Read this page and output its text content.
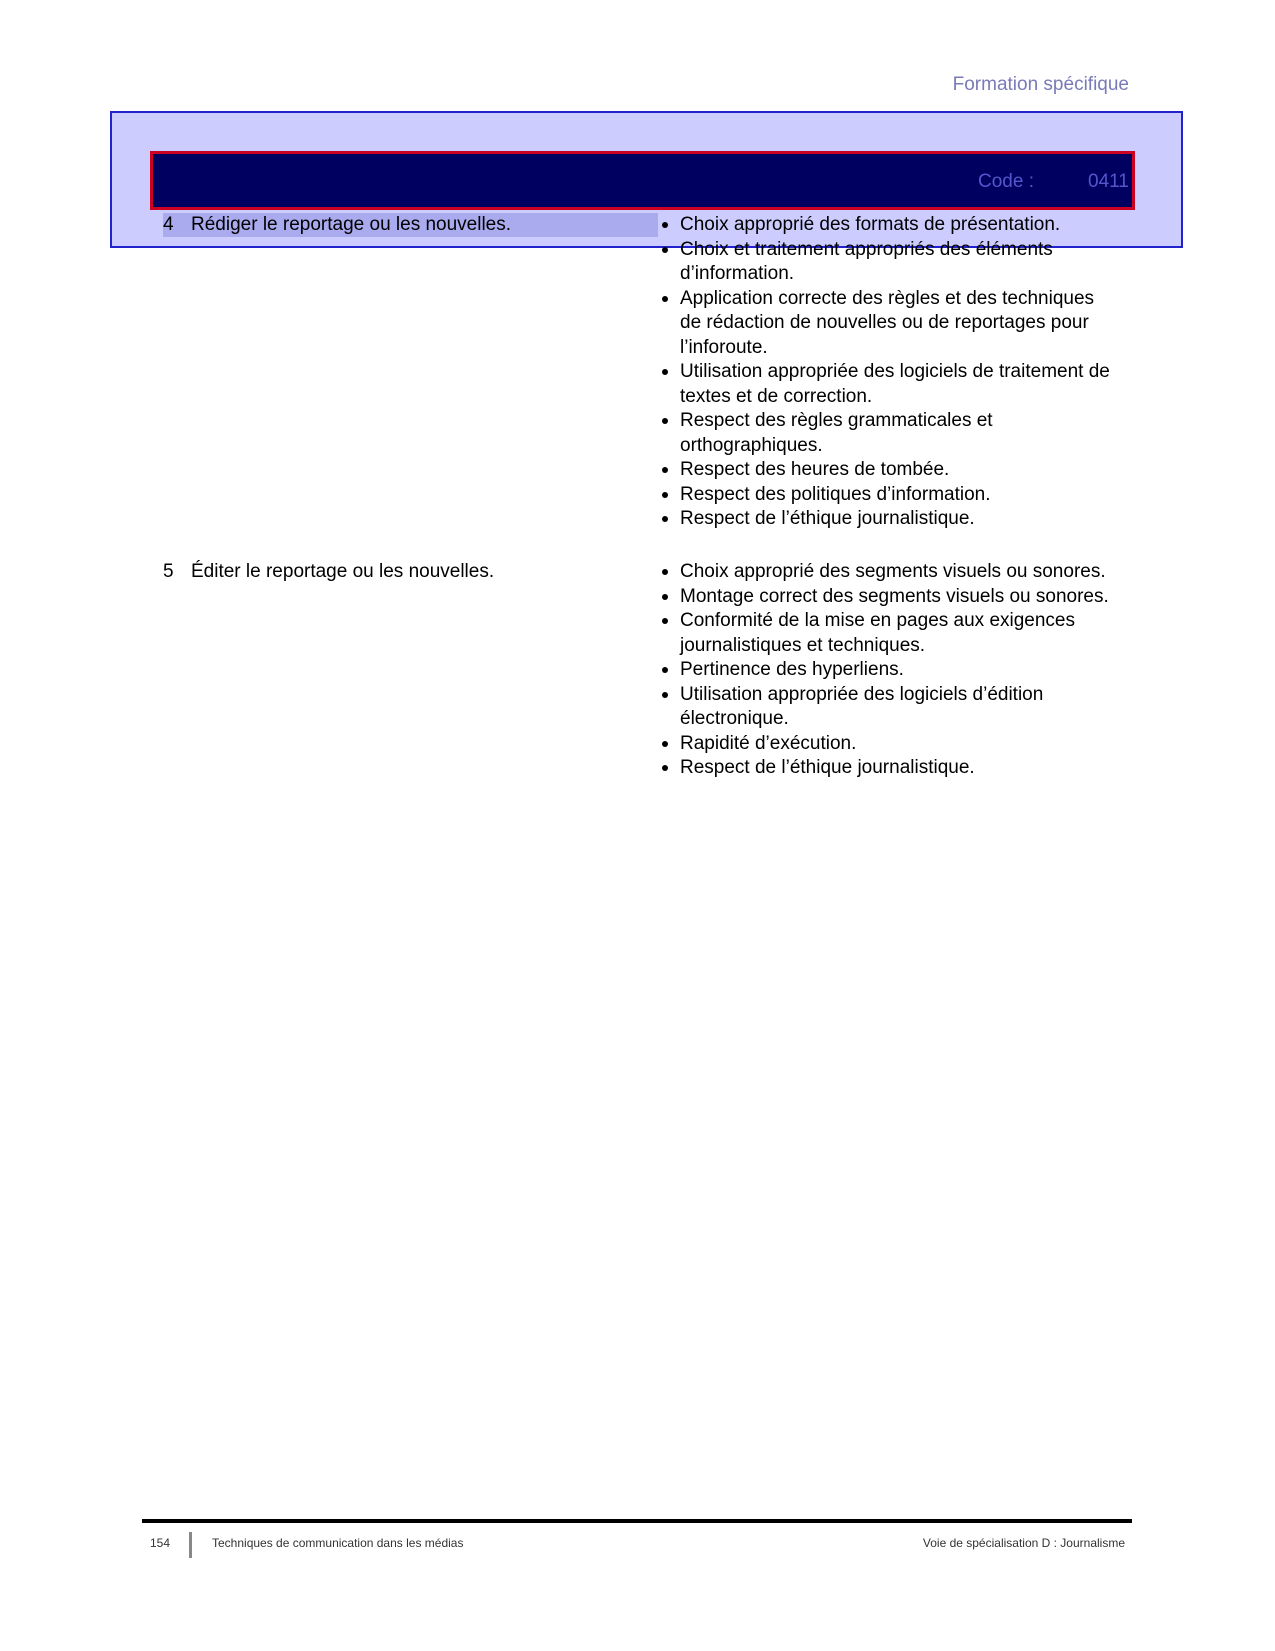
Formation spécifique
Code :	0411
4 Rédiger le reportage ou les nouvelles.	Choix approprié des formats de présentation.
Choix et traitement appropriés des éléments d’information.
Application correcte des règles et des techniques de rédaction de nouvelles ou de reportages pour l’inforoute.
Utilisation appropriée des logiciels de traitement de textes et de correction.
Respect des règles grammaticales et orthographiques.
Respect des heures de tombée.
Respect des politiques d’information.
Respect de l’éthique journalistique.
5 Éditer le reportage ou les nouvelles.	Choix approprié des segments visuels ou sonores.
Montage correct des segments visuels ou sonores.
Conformité de la mise en pages aux exigences journalistiques et techniques.
Pertinence des hyperliens.
Utilisation appropriée des logiciels d’édition électronique.
Rapidité d’exécution.
Respect de l’éthique journalistique.
154	Techniques de communication dans les médias	Voie de spécialisation D : Journalisme
